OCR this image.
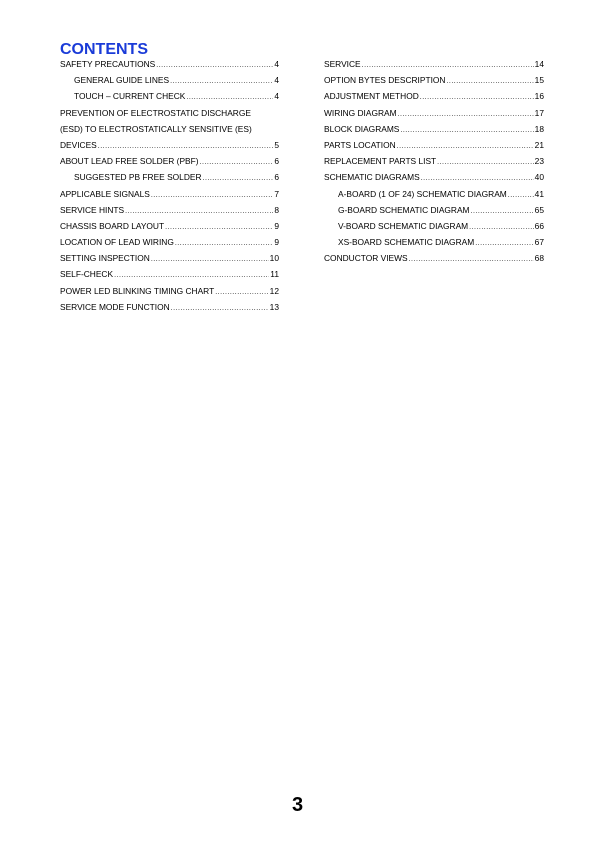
CONTENTS
SAFETY PRECAUTIONS .....	4
GENERAL GUIDE LINES .....	4
TOUCH – CURRENT CHECK .....	4
PREVENTION OF ELECTROSTATIC DISCHARGE
(ESD) TO ELECTROSTATICALLY SENSITIVE (ES)
DEVICES .....	5
ABOUT LEAD FREE SOLDER (PBF) .....	6
SUGGESTED PB FREE SOLDER .....	6
APPLICABLE SIGNALS .....	7
SERVICE HINTS .....	8
CHASSIS BOARD LAYOUT .....	9
LOCATION OF LEAD WIRING .....	9
SETTING INSPECTION .....	10
SELF-CHECK .....	11
POWER LED BLINKING TIMING CHART .....	12
SERVICE MODE FUNCTION .....	13
SERVICE .....	14
OPTION BYTES DESCRIPTION .....	15
ADJUSTMENT METHOD .....	16
WIRING DIAGRAM .....	17
BLOCK DIAGRAMS .....	18
PARTS LOCATION .....	21
REPLACEMENT PARTS LIST .....	23
SCHEMATIC DIAGRAMS .....	40
A-BOARD (1 OF 24) SCHEMATIC DIAGRAM .....	41
G-BOARD SCHEMATIC DIAGRAM .....	65
V-BOARD SCHEMATIC DIAGRAM .....	66
XS-BOARD SCHEMATIC DIAGRAM .....	67
CONDUCTOR VIEWS .....	68
3
